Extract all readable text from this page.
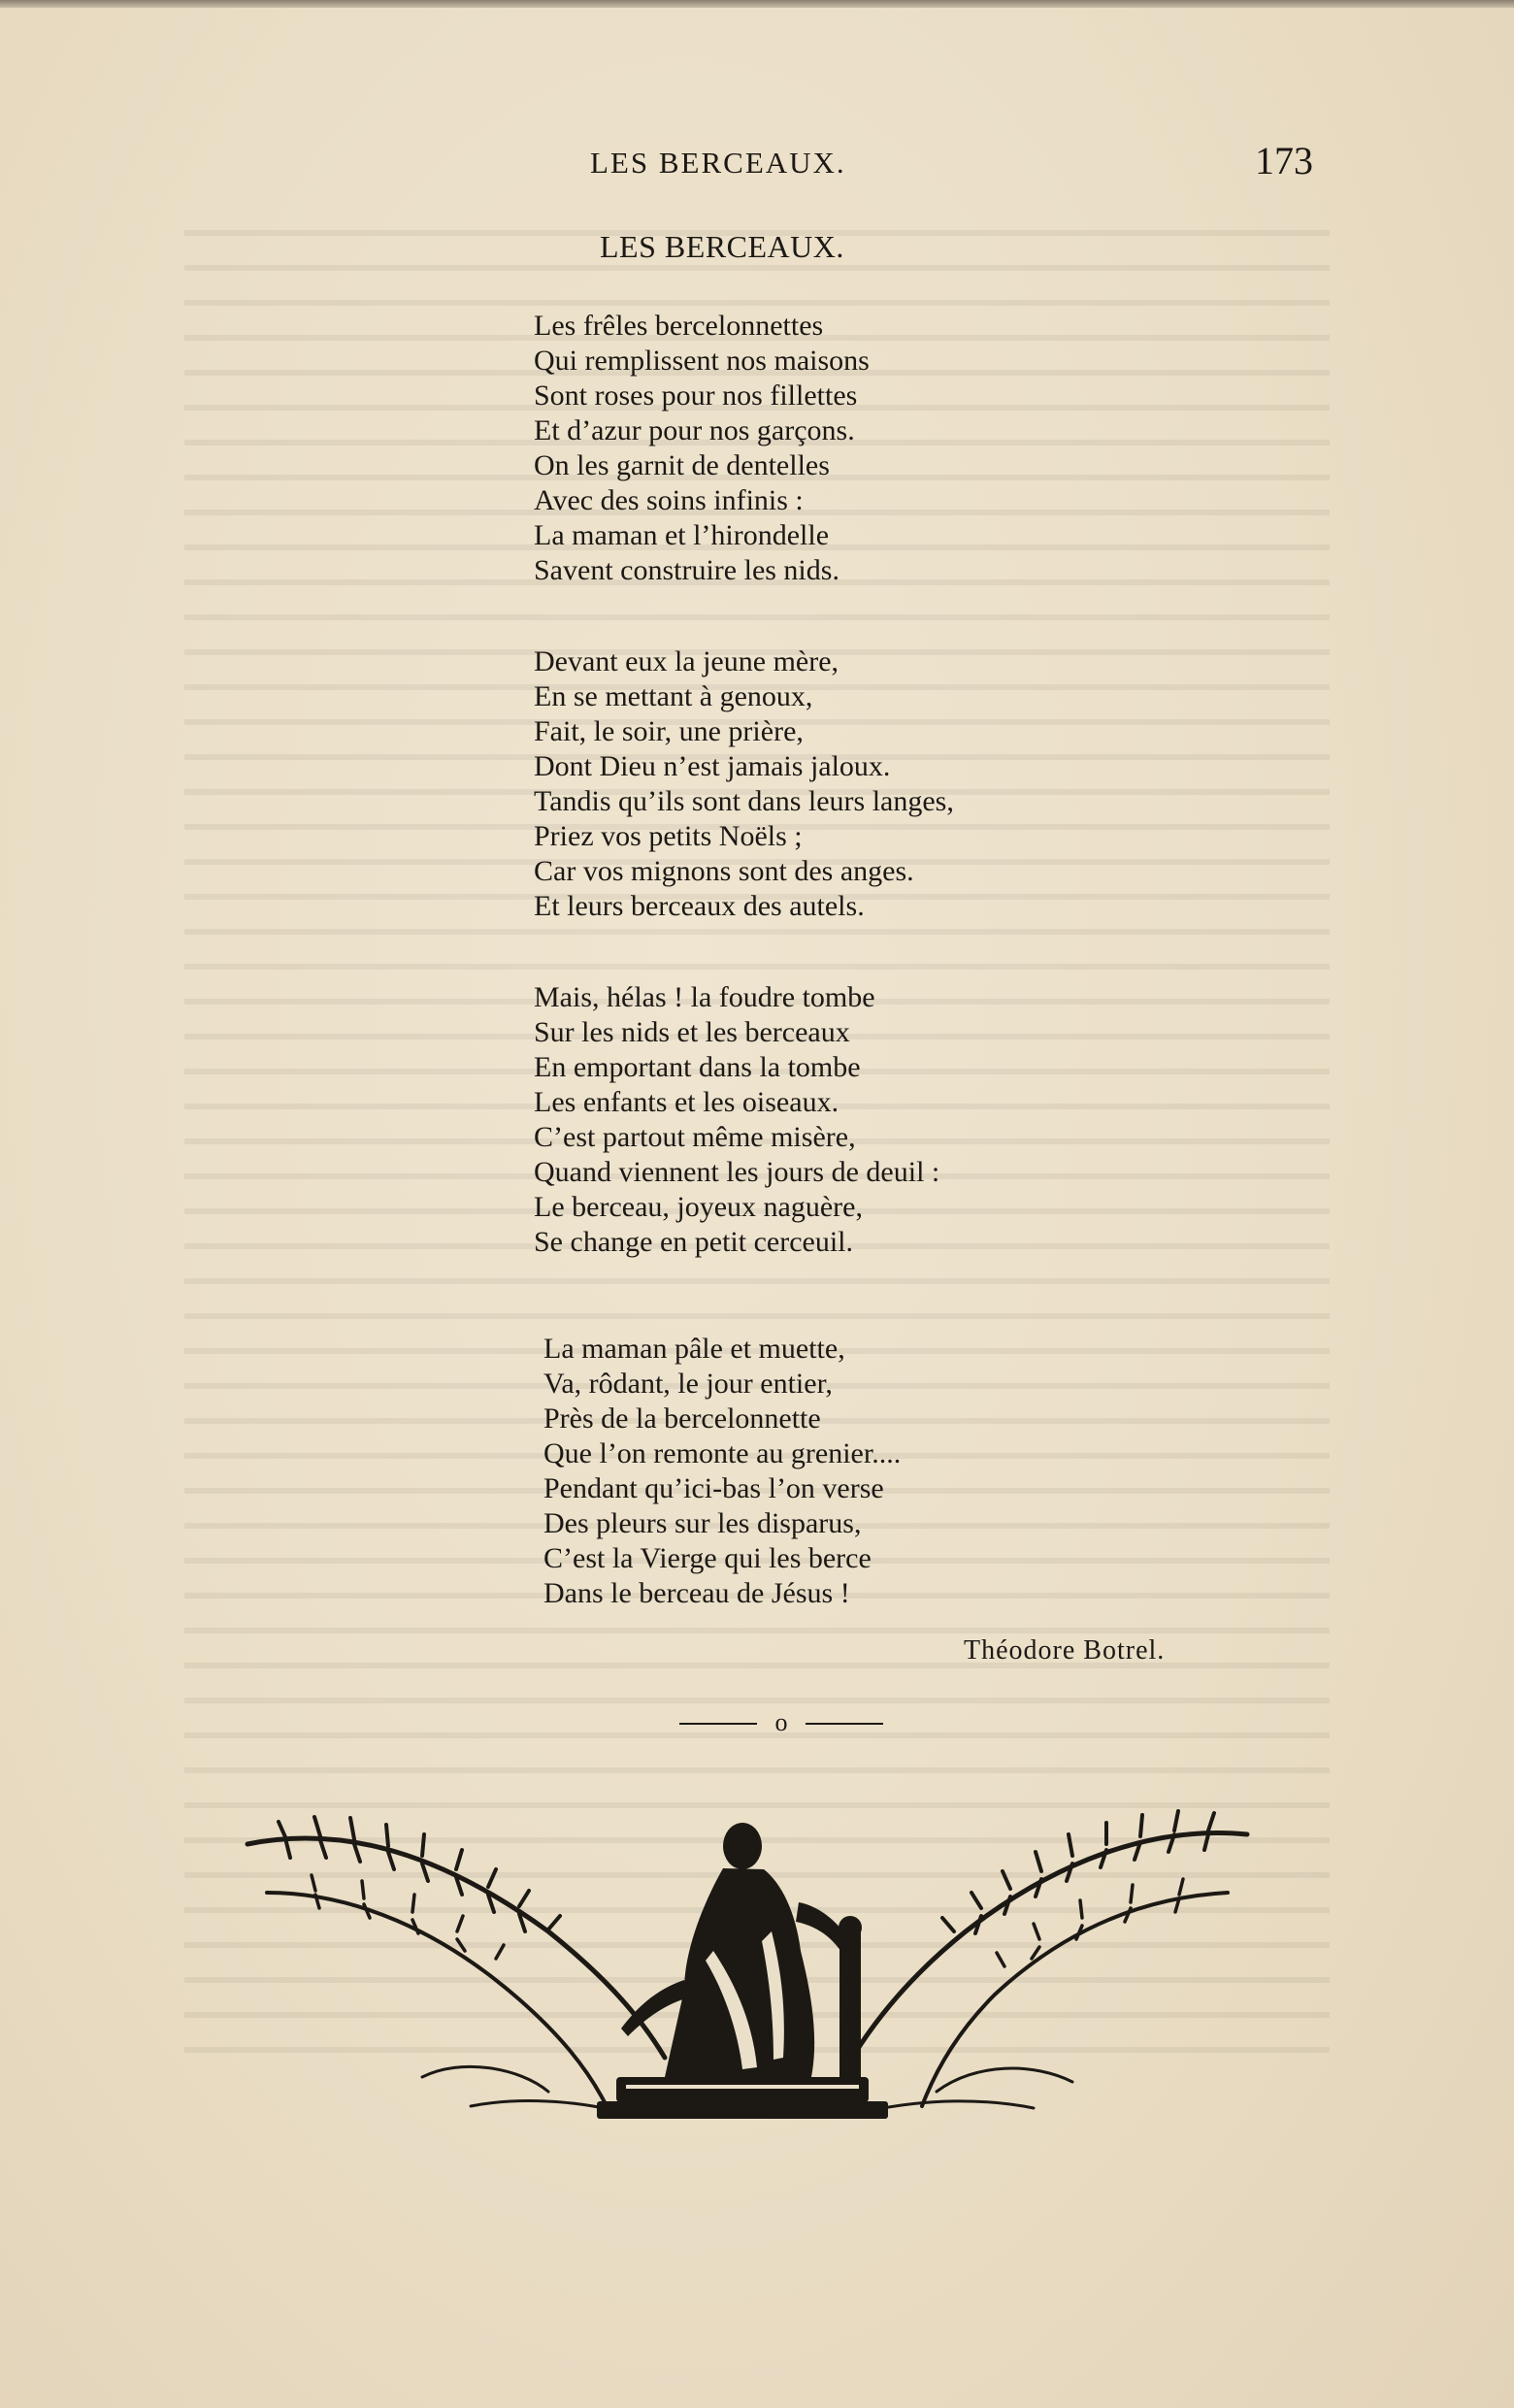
LES BERCEAUX.	173
LES BERCEAUX.
Les frêles bercelonnettes
Qui remplissent nos maisons
Sont roses pour nos fillettes
Et d’azur pour nos garçons.
On les garnit de dentelles
Avec des soins infinis :
La maman et l’hirondelle
Savent construire les nids.
Devant eux la jeune mère,
En se mettant à genoux,
Fait, le soir, une prière,
Dont Dieu n’est jamais jaloux.
Tandis qu’ils sont dans leurs langes,
Priez vos petits Noëls ;
Car vos mignons sont des anges.
Et leurs berceaux des autels.
Mais, hélas ! la foudre tombe
Sur les nids et les berceaux
En emportant dans la tombe
Les enfants et les oiseaux.
C’est partout même misère,
Quand viennent les jours de deuil :
Le berceau, joyeux naguère,
Se change en petit cerceuil.
La maman pâle et muette,
Va, rôdant, le jour entier,
Près de la bercelonnette
Que l’on remonte au grenier....
Pendant qu’ici-bas l’on verse
Des pleurs sur les disparus,
C’est la Vierge qui les berce
Dans le berceau de Jésus !
Théodore Botrel.
o
